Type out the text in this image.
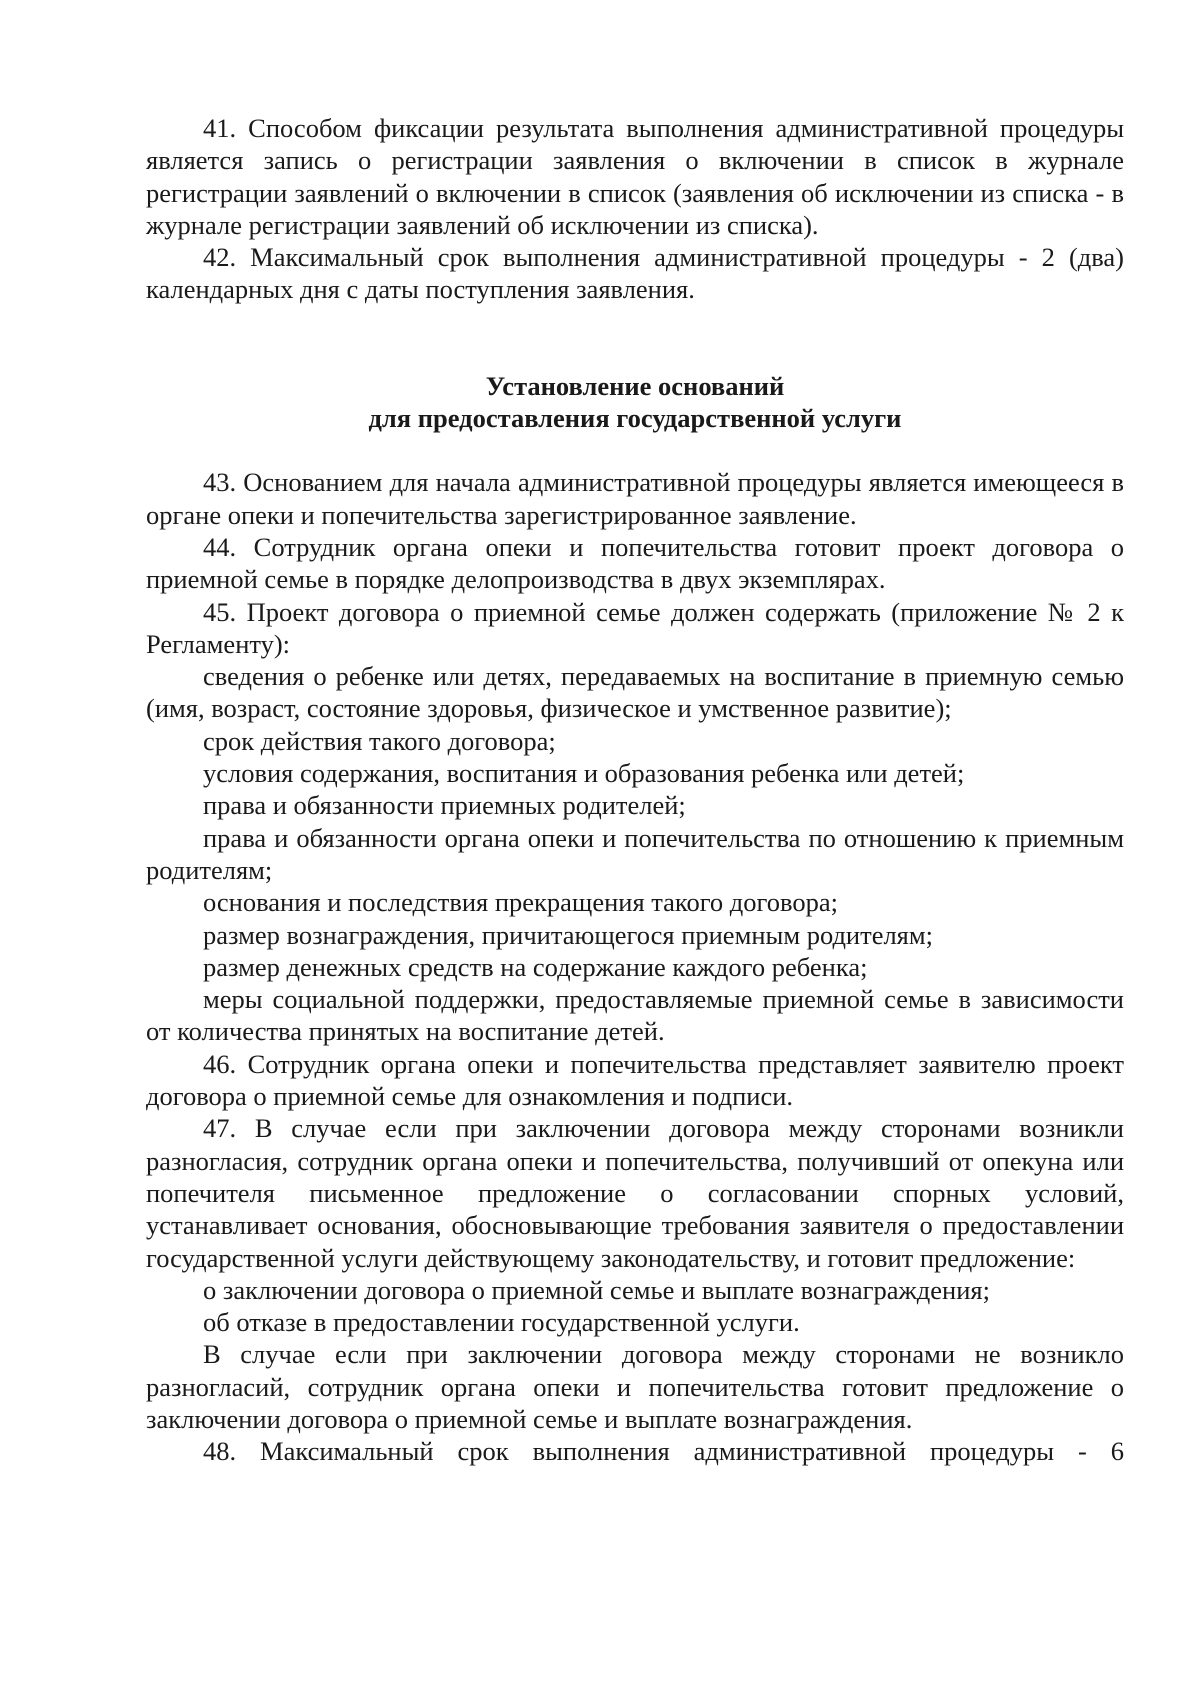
41. Способом фиксации результата выполнения административной процедуры является запись о регистрации заявления о включении в список в журнале регистрации заявлений о включении в список (заявления об исключении из списка - в журнале регистрации заявлений об исключении из списка).

42. Максимальный срок выполнения административной процедуры - 2 (два) календарных дня с даты поступления заявления.

Установление оснований

для предоставления государственной услуги

43. Основанием для начала административной процедуры является имеющееся в органе опеки и попечительства зарегистрированное заявление.

44. Сотрудник органа опеки и попечительства готовит проект договора о приемной семье в порядке делопроизводства в двух экземплярах.

45. Проект договора о приемной семье должен содержать (приложение № 2 к Регламенту):

сведения о ребенке или детях, передаваемых на воспитание в приемную семью (имя, возраст, состояние здоровья, физическое и умственное развитие);

срок действия такого договора;

условия содержания, воспитания и образования ребенка или детей;

права и обязанности приемных родителей;

права и обязанности органа опеки и попечительства по отношению к приемным родителям;

основания и последствия прекращения такого договора;

размер вознаграждения, причитающегося приемным родителям;

размер денежных средств на содержание каждого ребенка;

меры социальной поддержки, предоставляемые приемной семье в зависимости от количества принятых на воспитание детей.

46. Сотрудник органа опеки и попечительства представляет заявителю проект договора о приемной семье для ознакомления и подписи.

47. В случае если при заключении договора между сторонами возникли разногласия, сотрудник органа опеки и попечительства, получивший от опекуна или попечителя письменное предложение о согласовании спорных условий, устанавливает основания, обосновывающие требования заявителя о предоставлении государственной услуги действующему законодательству, и готовит предложение:

о заключении договора о приемной семье и выплате вознаграждения;

об отказе в предоставлении государственной услуги.

В случае если при заключении договора между сторонами не возникло разногласий, сотрудник органа опеки и попечительства готовит предложение о заключении договора о приемной семье и выплате вознаграждения.

48. Максимальный срок выполнения административной процедуры - 6
